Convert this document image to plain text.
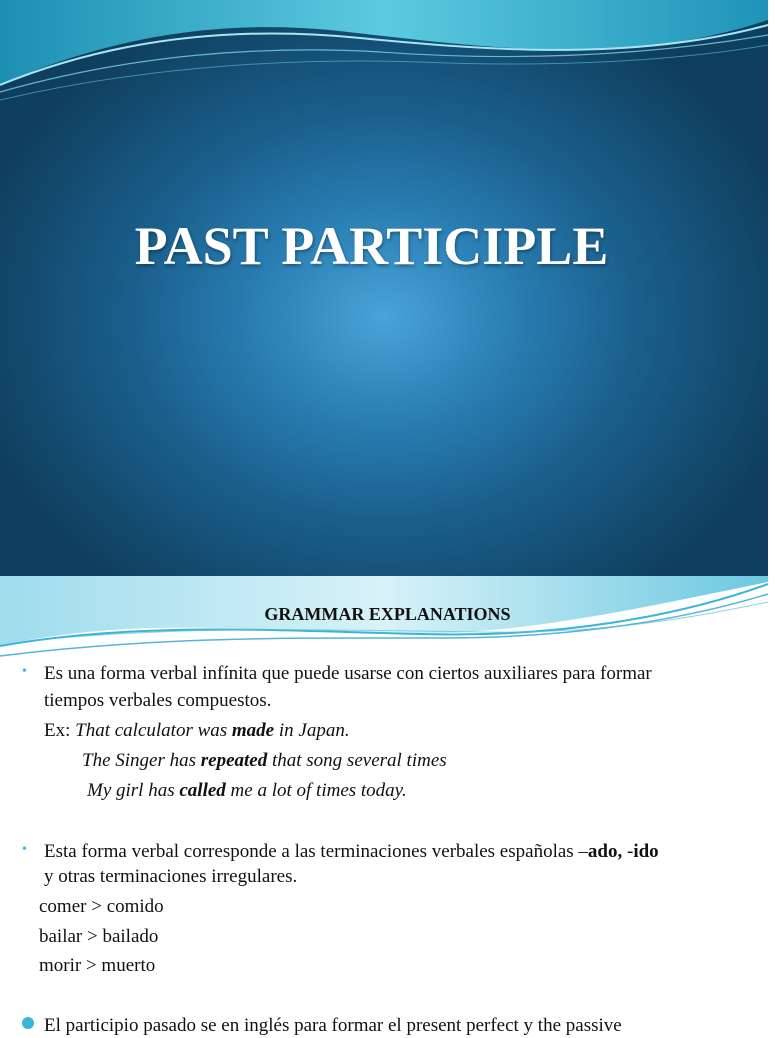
PAST PARTICIPLE
GRAMMAR EXPLANATIONS
• Es una forma verbal infínita que puede usarse con ciertos auxiliares para formar
tiempos verbales compuestos.
Ex: That calculator was made in Japan.
The Singer has repeated that song several times
My girl has called me a lot of times today.
• Esta forma verbal corresponde a las terminaciones verbales españolas –ado, -ido
y otras terminaciones irregulares.
comer > comido
bailar > bailado
morir > muerto
El participio pasado se en inglés para formar el present perfect y the passive
